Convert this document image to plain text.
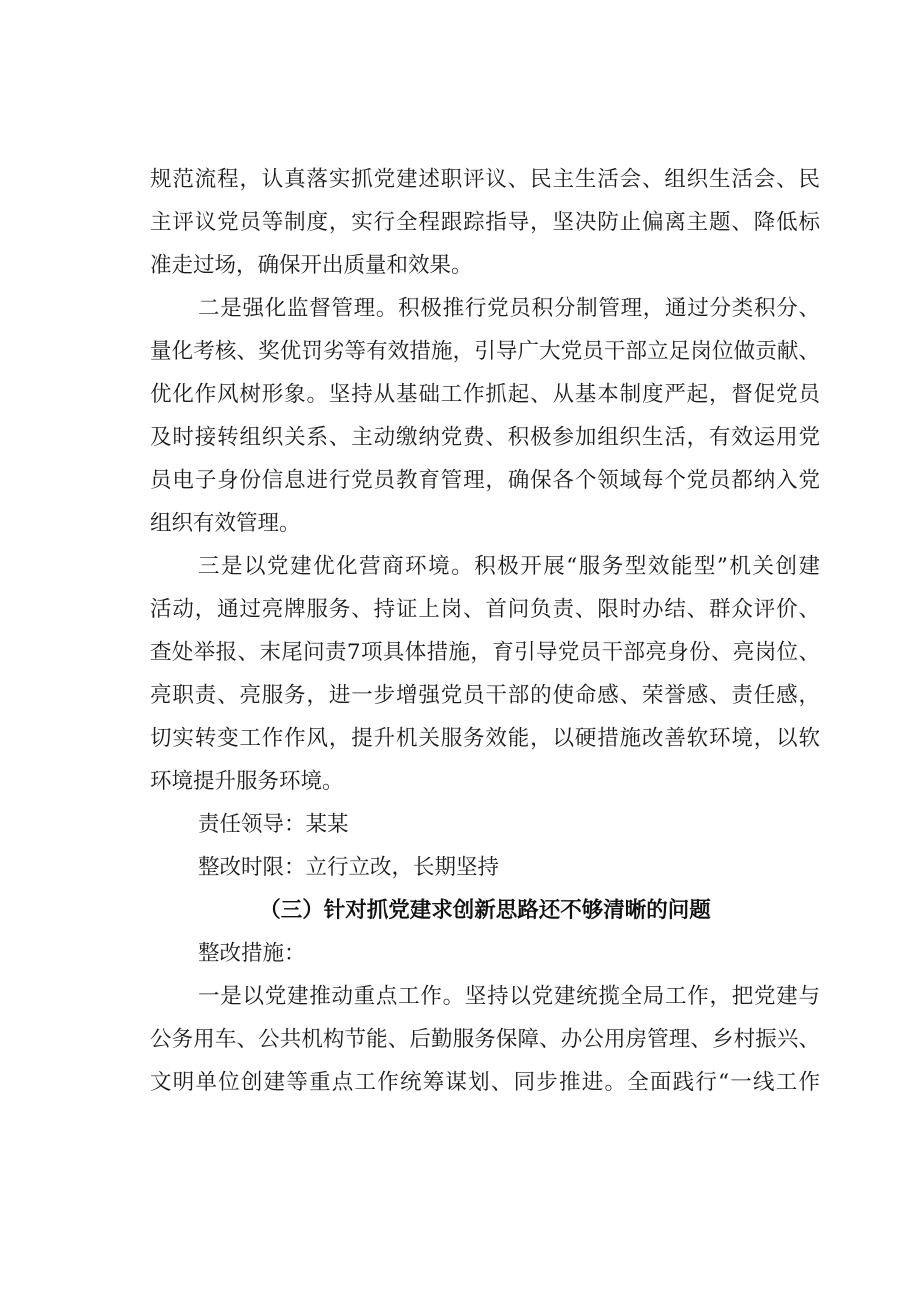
规范流程，认真落实抓党建述职评议、民主生活会、组织生活会、民
主评议党员等制度，实行全程跟踪指导，坚决防止偏离主题、降低标
准走过场，确保开出质量和效果。
二是强化监督管理。积极推行党员积分制管理，通过分类积分、
量化考核、奖优罚劣等有效措施，引导广大党员干部立足岗位做贡献、
优化作风树形象。坚持从基础工作抓起、从基本制度严起，督促党员
及时接转组织关系、主动缴纳党费、积极参加组织生活，有效运用党
员电子身份信息进行党员教育管理，确保各个领域每个党员都纳入党
组织有效管理。
三是以党建优化营商环境。积极开展“服务型效能型”机关创建
活动，通过亮牌服务、持证上岗、首问负责、限时办结、群众评价、
查处举报、末尾问责7项具体措施，育引导党员干部亮身份、亮岗位、
亮职责、亮服务，进一步增强党员干部的使命感、荣誉感、责任感，
切实转变工作作风，提升机关服务效能，以硬措施改善软环境，以软
环境提升服务环境。
责任领导：某某
整改时限：立行立改，长期坚持
（三）针对抓党建求创新思路还不够清晰的问题
整改措施：
一是以党建推动重点工作。坚持以党建统揽全局工作，把党建与
公务用车、公共机构节能、后勤服务保障、办公用房管理、乡村振兴、
文明单位创建等重点工作统筹谋划、同步推进。全面践行“一线工作
